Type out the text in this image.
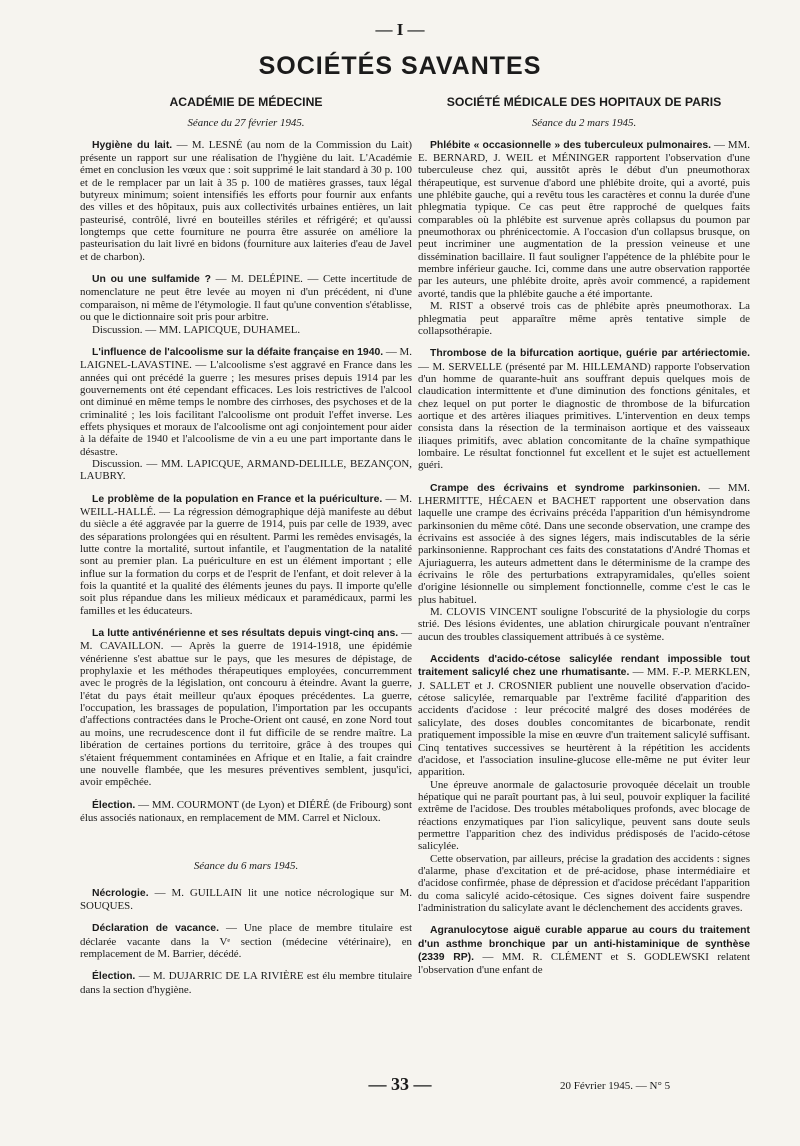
— I —
SOCIÉTÉS SAVANTES
ACADÉMIE DE MÉDECINE
Séance du 27 février 1945.

Hygiène du lait. — M. LESNÉ (au nom de la Commission du Lait) présente un rapport sur une réalisation de l'hygiène du lait. L'Académie émet en conclusion les vœux que : soit supprimé le lait standard à 30 p. 100 et de le remplacer par un lait à 35 p. 100 de matières grasses, taux légal butyreux minimum; soient intensifiés les efforts pour fournir aux enfants des villes et des hôpitaux, puis aux collectivités urbaines entières, un lait pasteurisé, contrôlé, livré en bouteilles stériles et réfrigéré; et qu'aussi longtemps que cette fourniture ne pourra être assurée on améliore la pasteurisation du lait livré en bidons (fourniture aux laiteries d'eau de Javel et de charbon).

Un ou une sulfamide ? — M. DELÉPINE. — Cette incertitude de nomenclature ne peut être levée au moyen ni d'un précédent, ni d'une comparaison, ni même de l'étymologie. Il faut qu'une convention s'établisse, ou que le dictionnaire soit pris pour arbitre.

Discussion. — MM. LAPICQUE, DUHAMEL.

L'influence de l'alcoolisme sur la défaite française en 1940. — M. LAIGNEL-LAVASTINE. — L'alcoolisme s'est aggravé en France dans les années qui ont précédé la guerre ; les mesures prises depuis 1914 par les gouvernements ont été cependant efficaces. Les lois restrictives de l'alcool ont diminué en même temps le nombre des cirrhoses, des psychoses et de la criminalité ; les lois facilitant l'alcoolisme ont produit l'effet inverse. Les effets physiques et moraux de l'alcoolisme ont agi conjointement pour aider à la défaite de 1940 et l'alcoolisme de vin a eu une part importante dans le désastre.

Discussion. — MM. LAPICQUE, ARMAND-DELILLE, BEZANÇON, LAUBRY.

Le problème de la population en France et la puériculture. — M. WEILL-HALLÉ. — La régression démographique déjà manifeste au début du siècle a été aggravée par la guerre de 1914, puis par celle de 1939, avec des séparations prolongées qui en résultent. Parmi les remèdes envisagés, la lutte contre la mortalité, surtout infantile, et l'augmentation de la natalité sont au premier plan. La puériculture en est un élément important ; elle influe sur la formation du corps et de l'esprit de l'enfant, et doit relever à la fois la quantité et la qualité des éléments jeunes du pays. Il importe qu'elle soit plus répandue dans les milieux médicaux et paramédicaux, parmi les familles et les éducateurs.

La lutte antivénérienne et ses résultats depuis vingt-cinq ans. — M. CAVAILLON. — Après la guerre de 1914-1918, une épidémie vénérienne s'est abattue sur le pays, que les mesures de dépistage, de prophylaxie et les méthodes thérapeutiques employées, concurremment avec le progrès de la législation, ont concouru à éteindre. Avant la guerre, l'état du pays était meilleur qu'aux époques précédentes. La guerre, l'occupation, les brassages de population, l'importation par les occupants d'affections contractées dans le Proche-Orient ont causé, en zone Nord tout au moins, une recrudescence dont il fut difficile de se rendre maître. La libération de certaines portions du territoire, grâce à des troupes qui s'étaient fréquemment contaminées en Afrique et en Italie, a fait craindre une nouvelle flambée, que les mesures préventives semblent, jusqu'ici, avoir empêchée.

Élection. — MM. COURMONT (de Lyon) et DIÉRÉ (de Fribourg) sont élus associés nationaux, en remplacement de MM. Carrel et Nicloux.

Séance du 6 mars 1945.

Nécrologie. — M. GUILLAIN lit une notice nécrologique sur M. SOUQUES.

Déclaration de vacance. — Une place de membre titulaire est déclarée vacante dans la Vᵉ section (médecine vétérinaire), en remplacement de M. Barrier, décédé.

Élection. — M. DUJARRIC DE LA RIVIÈRE est élu membre titulaire dans la section d'hygiène.

SOCIÉTÉ MÉDICALE DES HOPITAUX DE PARIS
Séance du 2 mars 1945.

Phlébite « occasionnelle » des tuberculeux pulmonaires. — MM. E. BERNARD, J. WEIL et MÉNINGER rapportent l'observation d'une tuberculeuse chez qui, aussitôt après le début d'un pneumothorax thérapeutique, est survenue d'abord une phlébite droite, qui a avorté, puis une phlébite gauche, qui a revêtu tous les caractères et connu la durée d'une phlegmatia typique. Ce cas peut être rapproché de quelques faits comparables où la phlébite est survenue après collapsus du poumon par pneumothorax ou phrénicectomie. A l'occasion d'un collapsus brusque, on peut incriminer une augmentation de la pression veineuse et une dissémination bacillaire. Il faut souligner l'appétence de la phlébite pour le membre inférieur gauche. Ici, comme dans une autre observation rapportée par les auteurs, une phlébite droite, après avoir commencé, a rapidement avorté, tandis que la phlébite gauche a été importante.

M. RIST a observé trois cas de phlébite après pneumothorax. La phlegmatia peut apparaître même après tentative simple de collapsothérapie.

Thrombose de la bifurcation aortique, guérie par artériectomie. — M. SERVELLE (présenté par M. HILLEMAND) rapporte l'observation d'un homme de quarante-huit ans souffrant depuis quelques mois de claudication intermittente et d'une diminution des fonctions génitales, et chez lequel on put porter le diagnostic de thrombose de la bifurcation aortique et des artères iliaques primitives. L'intervention en deux temps consista dans la résection de la terminaison aortique et des vaisseaux iliaques primitifs, avec ablation concomitante de la chaîne sympathique lombaire. Le résultat fonctionnel fut excellent et le sujet est actuellement guéri.

Crampe des écrivains et syndrome parkinsonien. — MM. LHERMITTE, HÉCAEN et BACHET rapportent une observation dans laquelle une crampe des écrivains précéda l'apparition d'un hémisyndrome parkinsonien du même côté. Dans une seconde observation, une crampe des écrivains est associée à des signes légers, mais indiscutables de la série parkinsonienne. Rapprochant ces faits des constatations d'André Thomas et Ajuriaguerra, les auteurs admettent dans le déterminisme de la crampe des écrivains le rôle des perturbations extrapyramidales, qu'elles soient d'origine lésionnelle ou simplement fonctionnelle, comme c'est le cas le plus habituel.

M. CLOVIS VINCENT souligne l'obscurité de la physiologie du corps strié. Des lésions évidentes, une ablation chirurgicale pouvant n'entraîner aucun des troubles classiquement attribués à ce système.

Accidents d'acido-cétose salicylée rendant impossible tout traitement salicylé chez une rhumatisante. — MM. F.-P. MERKLEN, J. SALLET et J. CROSNIER publient une nouvelle observation d'acido-cétose salicylée, remarquable par l'extrême facilité d'apparition des accidents d'acidose : leur précocité malgré des doses modérées de salicylate, des doses doubles concomitantes de bicarbonate, rendit pratiquement impossible la mise en œuvre d'un traitement salicylé suffisant. Cinq tentatives successives se heurtèrent à la répétition les accidents d'acidose, et l'association insuline-glucose elle-même ne put éviter leur apparition.

Une épreuve anormale de galactosurie provoquée décelait un trouble hépatique qui ne paraît pourtant pas, à lui seul, pouvoir expliquer la facilité extrême de l'acidose. Des troubles métaboliques profonds, avec blocage de réactions enzymatiques par l'ion salicylique, peuvent sans doute seuls permettre l'apparition chez des individus prédisposés de l'acido-cétose salicylée.

Cette observation, par ailleurs, précise la gradation des accidents : signes d'alarme, phase d'excitation et de pré-acidose, phase intermédiaire et d'acidose confirmée, phase de dépression et d'acidose précédant l'apparition du coma salicylé acido-cétosique. Ces signes doivent faire suspendre l'administration du salicylate avant le déclenchement des accidents graves.

Agranulocytose aiguë curable apparue au cours du traitement d'un asthme bronchique par un anti-histaminique de synthèse (2339 RP). — MM. R. CLÉMENT et S. GODLEWSKI relatent l'observation d'une enfant de

— 33 —	20 Février 1945. — N° 5
